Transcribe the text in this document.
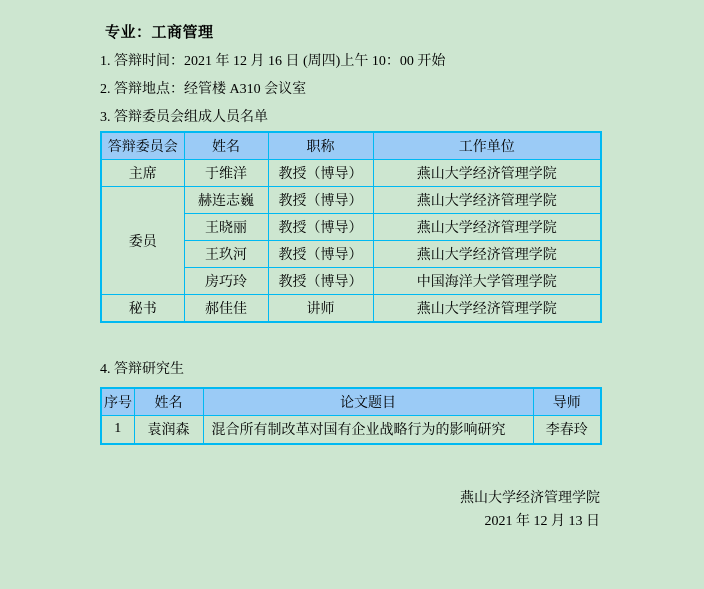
专业：工商管理
1. 答辩时间：2021 年 12 月 16 日 (周四)上午 10：00 开始
2. 答辩地点：经管楼 A310 会议室
3. 答辩委员会组成人员名单
答辩委员会	姓名	职称	工作单位
主席	于维洋	教授（博导）	燕山大学经济管理学院
委员	赫连志巍	教授（博导）	燕山大学经济管理学院
	王晓丽	教授（博导）	燕山大学经济管理学院
	王玖河	教授（博导）	燕山大学经济管理学院
	房巧玲	教授（博导）	中国海洋大学管理学院
秘书	郝佳佳	讲师	燕山大学经济管理学院
4. 答辩研究生
序号	姓名	论文题目	导师
1	袁润森	混合所有制改革对国有企业战略行为的影响研究	李春玲
燕山大学经济管理学院
2021 年 12 月 13 日
